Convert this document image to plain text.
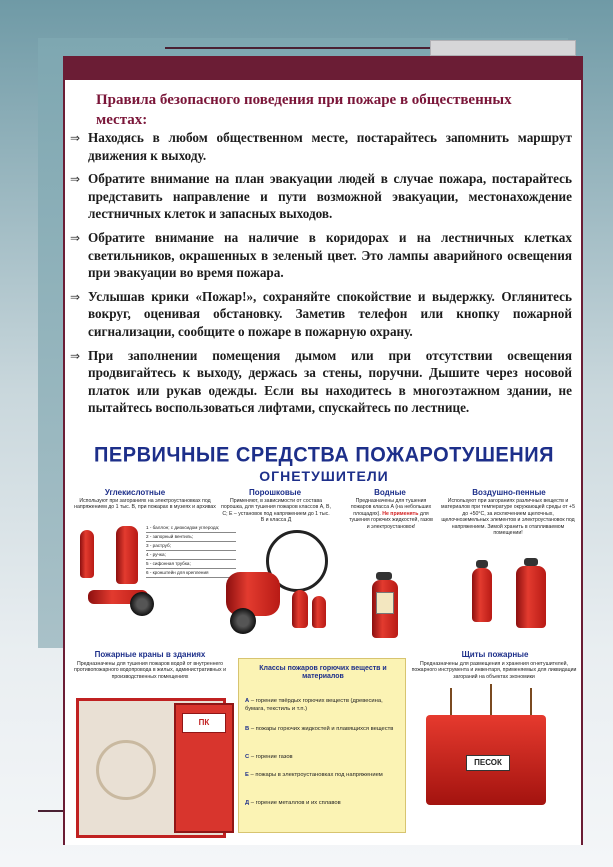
Правила безопасного поведения при пожаре в общественных местах:
⇒ Находясь в любом общественном месте, постарайтесь запомнить маршрут движения к выходу.
⇒ Обратите внимание на план эвакуации людей в случае пожара, постарайтесь представить направление и пути возможной эвакуации, местонахождение лестничных клеток и запасных выходов.
⇒ Обратите внимание на наличие в коридорах и на лестничных клетках светильников, окрашенных в зеленый цвет. Это лампы аварийного освещения при эвакуации во время пожара.
⇒ Услышав крики «Пожар!», сохраняйте спокойствие и выдержку. Оглянитесь вокруг, оценивая обстановку. Заметив телефон или кнопку пожарной сигнализации, сообщите о пожаре в пожарную охрану.
⇒ При заполнении помещения дымом или при отсутствии освещения продвигайтесь к выходу, держась за стены, поручни. Дышите через носовой платок или рукав одежды. Если вы находитесь в многоэтажном здании, не пытайтесь воспользоваться лифтами, спускайтесь по лестнице.
ПЕРВИЧНЫЕ СРЕДСТВА ПОЖАРОТУШЕНИЯ
ОГНЕТУШИТЕЛИ
Углекислотные
Используют при загораниях на электроустановках под напряжением до 1 тыс. В, при пожарах в музеях и архивах
1 - баллон; с диоксидом углерода;
2 - запорный вентиль;
3 - раструб;
4 - ручка;
5 - сифонная трубка;
6 - кронштейн для крепления
Порошковые
Применяют, в зависимости от состава порошка, для тушения пожаров классов A, B, C; E – установок под напряжением до 1 тыс. В и класса Д
Водные
Предназначены для тушения пожаров класса А (на небольших площадях). Не применять для тушения горючих жидкостей, газов и электроустановок!
Воздушно-пенные
Используют при загораниях различных веществ и материалов при температуре окружающей среды от +5 до +50°С, за исключением щелочных, щелочноземельных элементов и электроустановок под напряжением. Зимой хранить в отапливаемом помещении!
Пожарные краны в зданиях
Предназначены для тушения пожаров водой от внутреннего противопожарного водопровода в жилых, административных и производственных помещениях
ПК
Классы пожаров горючих веществ и материалов
А – горение твёрдых горючих веществ (древесина, бумага, текстиль и т.п.)
В – пожары горючих жидкостей и плавящихся веществ
С – горение газов
Е – пожары в электроустановках под напряжением
Д – горение металлов и их сплавов
Щиты пожарные
Предназначены для размещения и хранения огнетушителей, пожарного инструмента и инвентаря, применяемых для ликвидации загораний на объектах экономики
ПЕСОК
